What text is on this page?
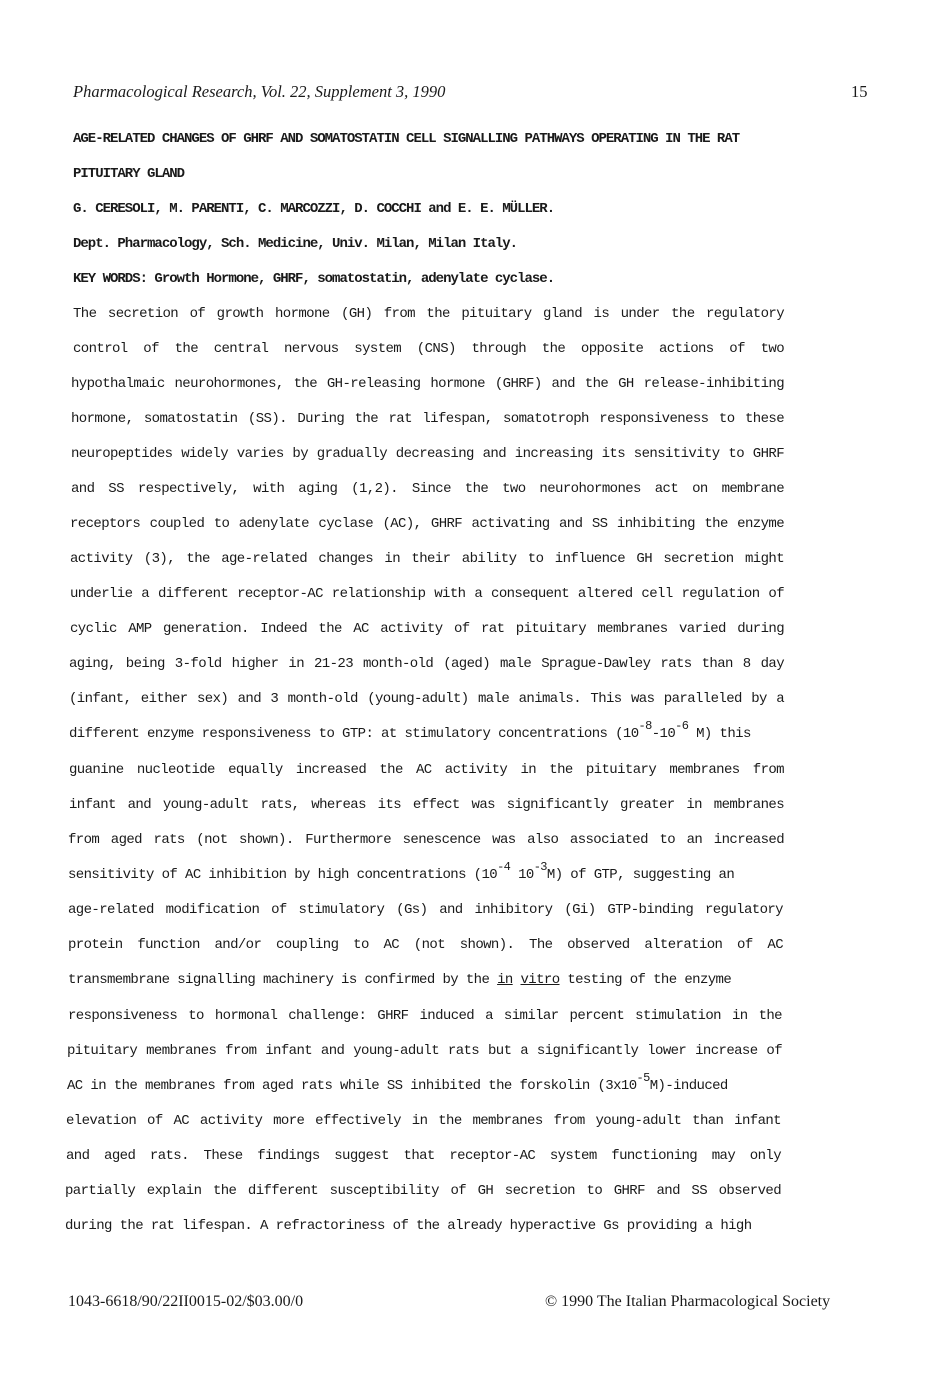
Pharmacological Research, Vol. 22, Supplement 3, 1990	15
AGE-RELATED CHANGES OF GHRF AND SOMATOSTATIN CELL SIGNALLING PATHWAYS OPERATING IN THE RAT
PITUITARY GLAND
G. CERESOLI, M. PARENTI, C. MARCOZZI, D. COCCHI and E. E. MÜLLER.
Dept. Pharmacology, Sch. Medicine, Univ. Milan, Milan Italy.
KEY WORDS: Growth Hormone, GHRF, somatostatin, adenylate cyclase.
The secretion of growth hormone (GH) from the pituitary gland is under the regulatory
control of the central nervous system (CNS) through the opposite actions of two
hypothalmaic neurohormones, the GH-releasing hormone (GHRF) and the GH release-inhibiting
hormone, somatostatin (SS). During the rat lifespan, somatotroph responsiveness to these
neuropeptides widely varies by gradually decreasing and increasing its sensitivity to GHRF
and SS respectively, with aging (1,2). Since the two neurohormones act on membrane
receptors coupled to adenylate cyclase (AC), GHRF activating and SS inhibiting the enzyme
activity (3), the age-related changes in their ability to influence GH secretion might
underlie a different receptor-AC relationship with a consequent altered cell regulation of
cyclic AMP generation. Indeed the AC activity of rat pituitary membranes varied during
aging, being 3-fold higher in 21-23 month-old (aged) male Sprague-Dawley rats than 8 day
(infant, either sex) and 3 month-old (young-adult) male animals. This was paralleled by a
different enzyme responsiveness to GTP: at stimulatory concentrations ($10^{-8}-10^{-6}$ M) this
guanine nucleotide equally increased the AC activity in the pituitary membranes from
infant and young-adult rats, whereas its effect was significantly greater in membranes
from aged rats (not shown). Furthermore senescence was also associated to an increased
sensitivity of AC inhibition by high concentrations ($10^{-4}$ $10^{-3}M$) of GTP, suggesting an
age-related modification of stimulatory (Gs) and inhibitory (Gi) GTP-binding regulatory
protein function and/or coupling to AC (not shown). The observed alteration of AC
transmembrane signalling machinery is confirmed by the in vitro testing of the enzyme
responsiveness to hormonal challenge: GHRF induced a similar percent stimulation in the
pituitary membranes from infant and young-adult rats but a significantly lower increase of
AC in the membranes from aged rats while SS inhibited the forskolin $(3x10^{-5}M)$-induced
elevation of AC activity more effectively in the membranes from young-adult than infant
and aged rats. These findings suggest that receptor-AC system functioning may only
partially explain the different susceptibility of GH secretion to GHRF and SS observed
during the rat lifespan. A refractoriness of the already hyperactive Gs providing a high
1043-6618/90/22II0015-02/$03.00/0	© 1990 The Italian Pharmacological Society
